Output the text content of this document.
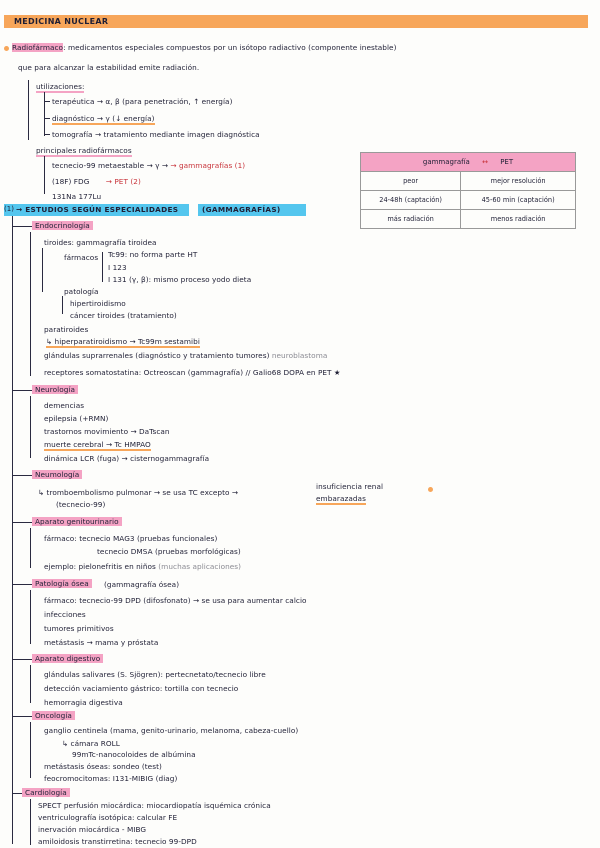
MEDICINA NUCLEAR
Radiofármaco: medicamentos especiales compuestos por un isótopo radiactivo (componente inestable)
que para alcanzar la estabilidad emite radiación.
utilizaciones:
terapéutica → α, β (para penetración, ↑ energía)
diagnóstico → γ (↓ energía)
tomografía → tratamiento mediante imagen diagnóstica
principales radiofármacos
tecnecio-99 metaestable → γ → → gammagrafías (1)
(18F) FDG → PET (2)
131Na 177Lu
gammagrafía ↔ PET	
peor	mejor resolución
24-48h (captación)	45-60 min (captación)
más radiación	menos radiación
(1) → ESTUDIOS SEGÚN ESPECIALIDADES	(GAMMAGRAFÍAS)
Endocrinología
tiroides: gammagrafía tiroidea
fármacos Tc99: no forma parte HT
I 123
I 131 (γ, β): mismo proceso yodo dieta
patología
hipertiroidismo
cáncer tiroides (tratamiento)
paratiroides
↳ hiperparatiroidismo → Tc99m sestamibi
glándulas suprarrenales (diagnóstico y tratamiento tumores) neuroblastoma
receptores somatostatina: Octreoscan (gammagrafía) // Galio68 DOPA en PET ★
Neurología
demencias
epilepsia (+RMN)
trastornos movimiento → DaTscan
muerte cerebral → Tc HMPAO
dinámica LCR (fuga) → cisternogammagrafía
Neumología
↳ tromboembolismo pulmonar → se usa TC excepto →
insuficiencia renal
embarazadas
(tecnecio-99)
Aparato genitourinario
fármaco: tecnecio MAG3 (pruebas funcionales)
tecnecio DMSA (pruebas morfológicas)
ejemplo: pielonefritis en niños (muchas aplicaciones)
Patología ósea	(gammagrafía ósea)
fármaco: tecnecio-99 DPD (difosfonato) → se usa para aumentar calcio
infecciones
tumores primitivos
metástasis → mama y próstata
Aparato digestivo
glándulas salivares (S. Sjögren): pertecnetato/tecnecio libre
detección vaciamiento gástrico: tortilla con tecnecio
hemorragia digestiva
Oncología
ganglio centinela (mama, genito-urinario, melanoma, cabeza-cuello)
↳ cámara ROLL
99mTc-nanocoloides de albúmina
metástasis óseas: sondeo (test)
feocromocitomas: I131-MIBIG (diag)
Cardiología
SPECT perfusión miocárdica: miocardiopatía isquémica crónica
ventriculografía isotópica: calcular FE
inervación miocárdica - MIBG
amiloidosis transtirretina: tecnecio 99-DPD
